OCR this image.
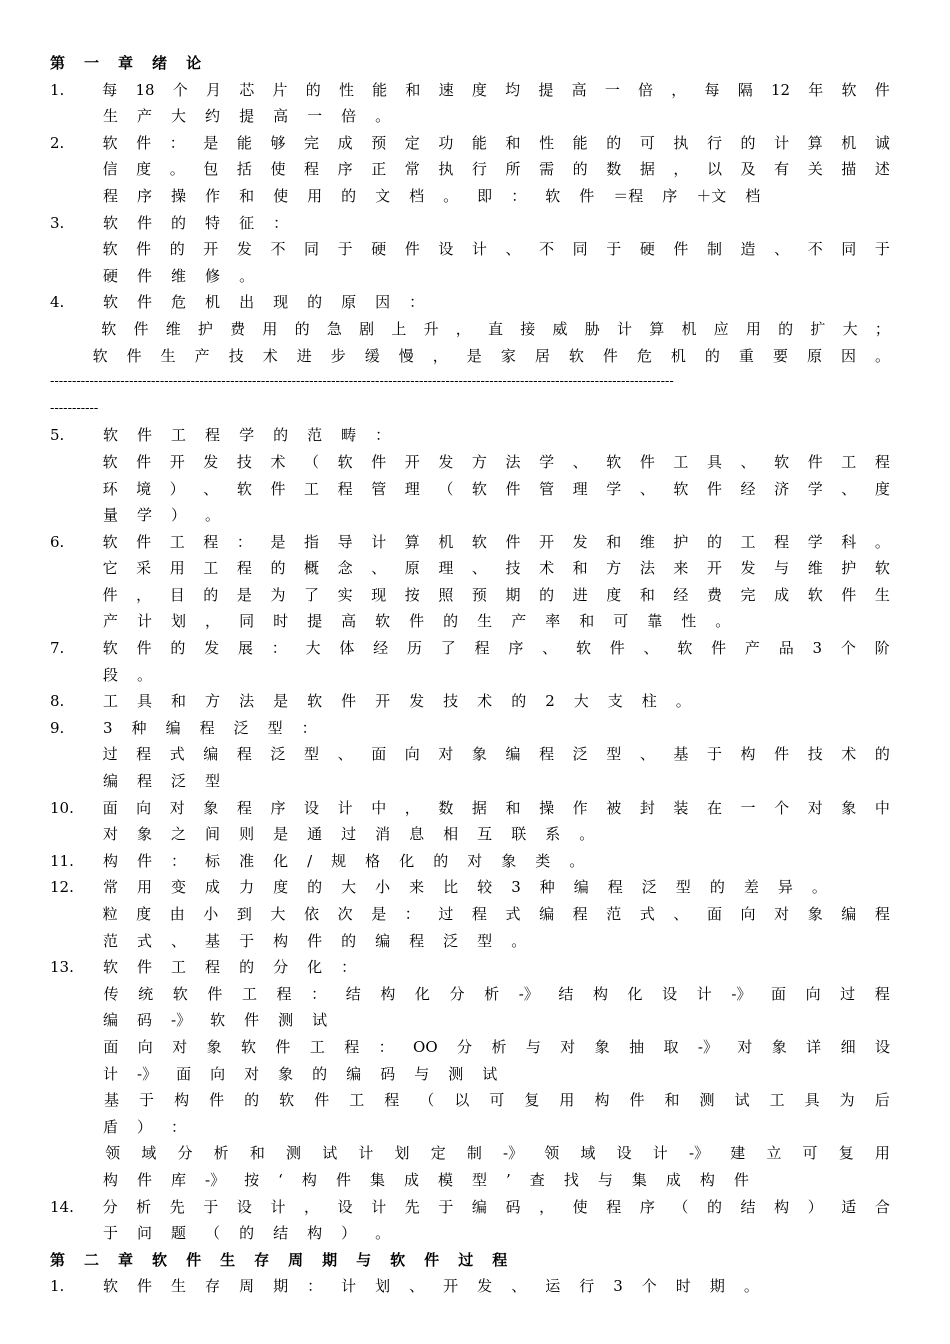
第 一 章 绪 论
1.	每 18 个 月 芯 片 的 性 能 和 速 度 均 提 高 一 倍 ， 每 隔 12 年 软 件
生 产 大 约 提 高 一 倍 。
2.	软 件 ： 是 能 够 完 成 预 定 功 能 和 性 能 的 可 执 行 的 计 算 机 诚
信 度 。 包 括 使 程 序 正 常 执 行 所 需 的 数 据 ， 以 及 有 关 描 述
程 序 操 作 和 使 用 的 文 档 。 即 ： 软 件 ＝程 序 ＋文 档
3.	软 件 的 特 征 ：
软 件 的 开 发 不 同 于 硬 件 设 计 、 不 同 于 硬 件 制 造 、 不 同 于
硬 件 维 修 。
4.	软 件 危 机 出 现 的 原 因 ：
软 件 维 护 费 用 的 急 剧 上 升 ， 直 接 威 胁 计 算 机 应 用 的 扩 大 ；
软 件 生 产 技 术 进 步 缓 慢 ， 是 家 居 软 件 危 机 的 重 要 原 因 。
----------------------------------------------------------------------------------------------------------------------------------------------
-----------
5.	软 件 工 程 学 的 范 畴 ：
软 件 开 发 技 术 （ 软 件 开 发 方 法 学 、 软 件 工 具 、 软 件 工 程
环 境 ） 、 软 件 工 程 管 理 （ 软 件 管 理 学 、 软 件 经 济 学 、 度
量 学 ） 。
6.	软 件 工 程 ： 是 指 导 计 算 机 软 件 开 发 和 维 护 的 工 程 学 科 。
它 采 用 工 程 的 概 念 、 原 理 、 技 术 和 方 法 来 开 发 与 维 护 软
件 ， 目 的 是 为 了 实 现 按 照 预 期 的 进 度 和 经 费 完 成 软 件 生
产 计 划 ， 同 时 提 高 软 件 的 生 产 率 和 可 靠 性 。
7.	软 件 的 发 展 ： 大 体 经 历 了 程 序 、 软 件 、 软 件 产 品 3 个 阶
段 。
8.	工 具 和 方 法 是 软 件 开 发 技 术 的 2 大 支 柱 。
9.	3 种 编 程 泛 型 ：
过 程 式 编 程 泛 型 、 面 向 对 象 编 程 泛 型 、 基 于 构 件 技 术 的
编 程 泛 型
10.	面 向 对 象 程 序 设 计 中 ， 数 据 和 操 作 被 封 装 在 一 个 对 象 中
对 象 之 间 则 是 通 过 消 息 相 互 联 系 。
11.	构 件 ： 标 准 化 / 规 格 化 的 对 象 类 。
12.	常 用 变 成 力 度 的 大 小 来 比 较 3 种 编 程 泛 型 的 差 异 。
粒 度 由 小 到 大 依 次 是 ： 过 程 式 编 程 范 式 、 面 向 对 象 编 程
范 式 、 基 于 构 件 的 编 程 泛 型 。
13.	软 件 工 程 的 分 化 ：
传 统 软 件 工 程 ： 结 构 化 分 析 -》 结 构 化 设 计 -》 面 向 过 程
编 码 -》 软 件 测 试
面 向 对 象 软 件 工 程 ： OO 分 析 与 对 象 抽 取 -》 对 象 详 细 设
计 -》 面 向 对 象 的 编 码 与 测 试
基 于 构 件 的 软 件 工 程 （ 以 可 复 用 构 件 和 测 试 工 具 为 后
盾 ） ：
领 域 分 析 和 测 试 计 划 定 制 -》 领 域 设 计 -》 建 立 可 复 用
构 件 库 -》 按 ‘ 构 件 集 成 模 型 ’ 查 找 与 集 成 构 件
14.	分 析 先 于 设 计 ， 设 计 先 于 编 码 ， 使 程 序 （ 的 结 构 ） 适 合
于 问 题 （ 的 结 构 ） 。
第 二 章 软 件 生 存 周 期 与 软 件 过 程
1.	软 件 生 存 周 期 ： 计 划 、 开 发 、 运 行 3 个 时 期 。
